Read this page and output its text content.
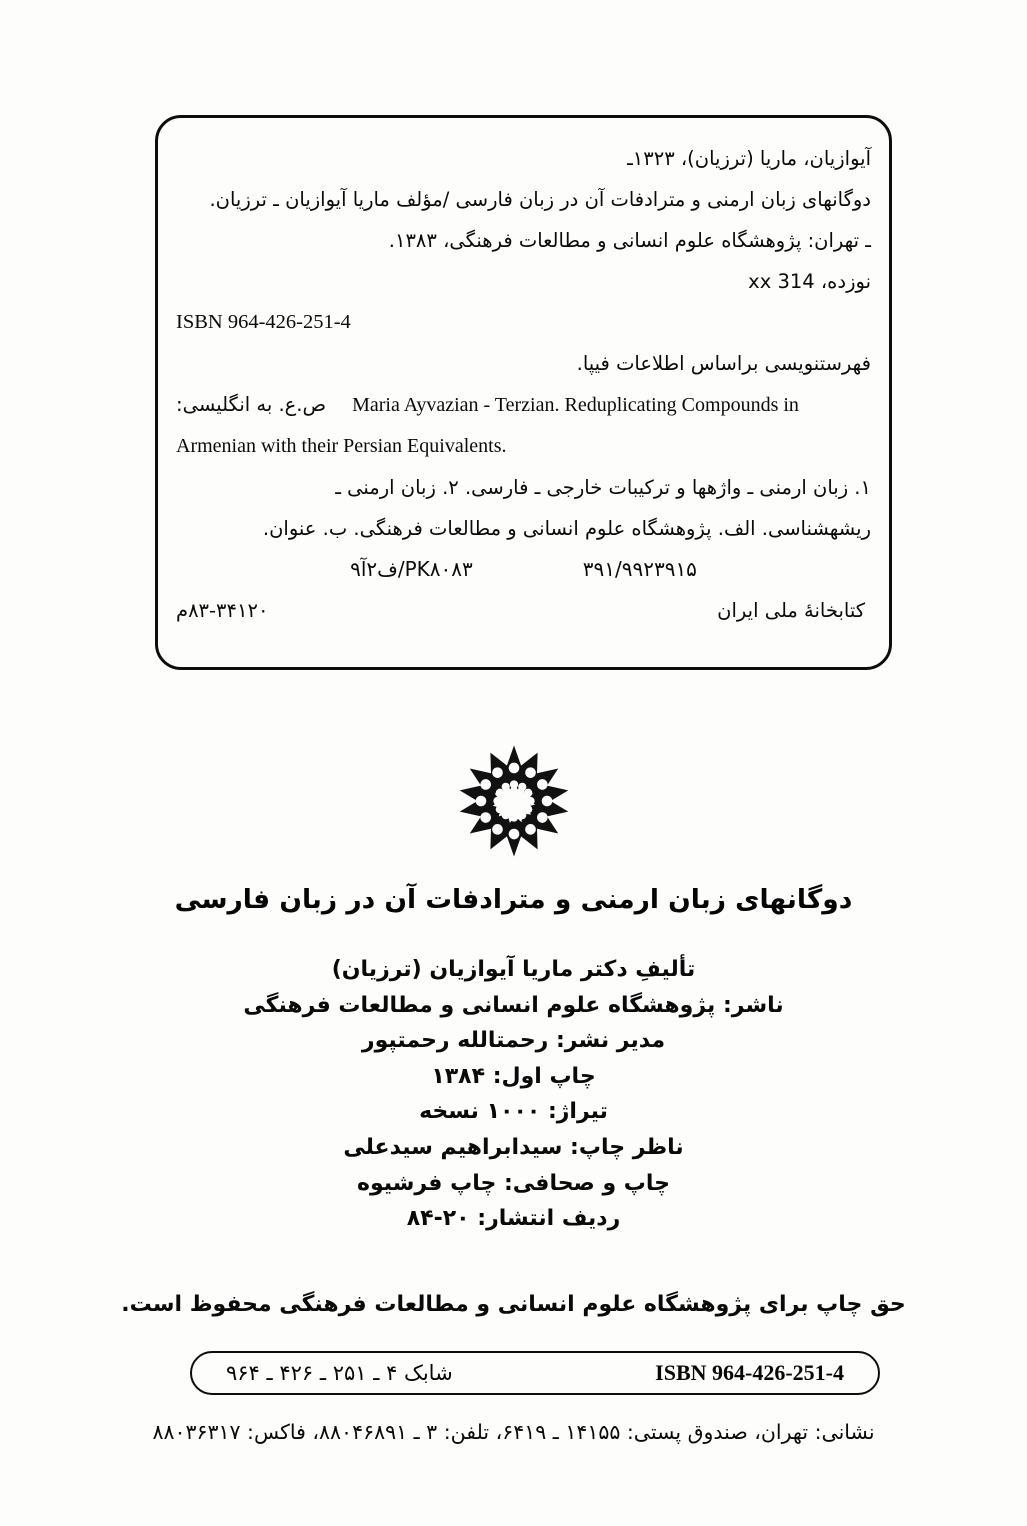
آیوازیان، ماریا (ترزیان)، ۱۳۲۳ـ
دوگانهای زبان ارمنی و مترادفات آن در زبان فارسی /مؤلف ماریا آیوازیان ـ ترزیان.
ـ تهران: پژوهشگاه علوم انسانی و مطالعات فرهنگی، ۱۳۸۳.
نوزده، 314 xx
ISBN 964-426-251-4
فهرستنویسی براساس اطلاعات فیپا.
ص.ع. به انگلیسی: Maria Ayvazian - Terzian. Reduplicating Compounds in
Armenian with their Persian Equivalents.
۱. زبان ارمنی ـ واژهها و ترکیبات خارجی ـ فارسی. ۲. زبان ارمنی ـ
ریشهشناسی. الف. پژوهشگاه علوم انسانی و مطالعات فرهنگی. ب. عنوان.
۳۹۱/۹۹۲۳۹۱۵
PK۸۰۸۳/ف۲آ۹
کتابخانهٔ ملی ایران
۸۳-۳۴۱۲۰م
دوگانهای زبان ارمنی و مترادفات آن در زبان فارسی
تأليفِ دکتر ماریا آیوازیان (ترزیان)
ناشر: پژوهشگاه علوم انسانی و مطالعات فرهنگی
مدیر نشر: رحمتالله رحمتپور
چاپ اول: ۱۳۸۴
تیراژ: ۱۰۰۰ نسخه
ناظر چاپ: سیدابراهیم سیدعلی
چاپ و صحافی: چاپ فرشیوه
ردیف انتشار: ۲۰-۸۴
حق چاپ برای پژوهشگاه علوم انسانی و مطالعات فرهنگی محفوظ است.
ISBN 964-426-251-4
شابک ۴ ـ ۲۵۱ ـ ۴۲۶ ـ ۹۶۴
نشانی: تهران، صندوق پستی: ۱۴۱۵۵ ـ ۶۴۱۹، تلفن: ۳ ـ ۸۸۰۴۶۸۹۱، فاکس: ۸۸۰۳۶۳۱۷
